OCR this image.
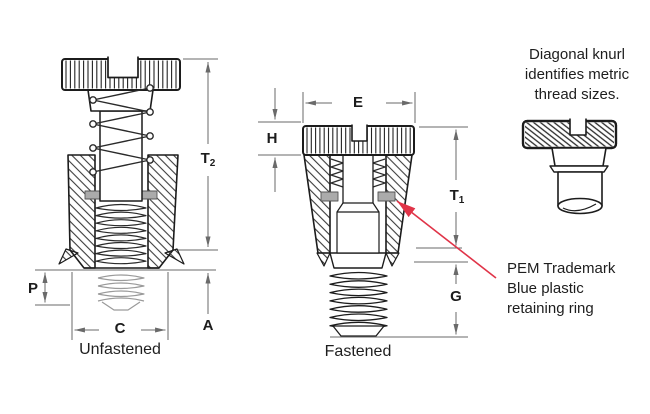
$T_2$
A
P
C
E
H
$T_1$
G
Unfastened	Fastened
Diagonal knurl
identifies metric
thread sizes.
PEM Trademark
Blue plastic
retaining ring
